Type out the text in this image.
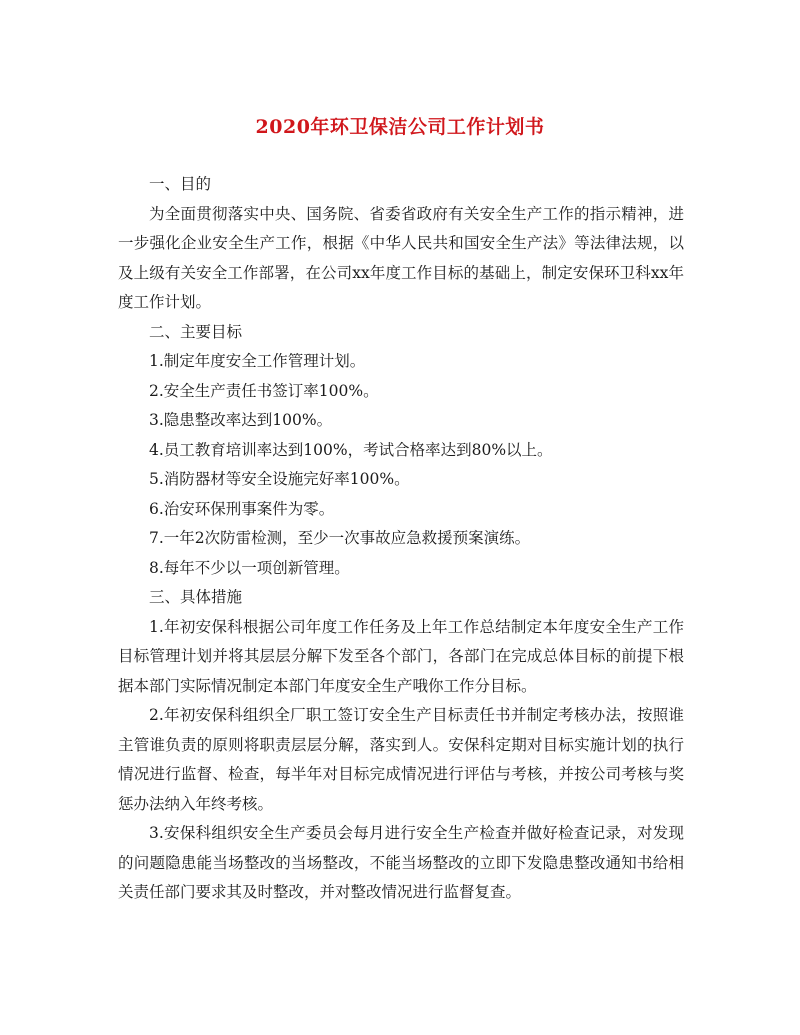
2020年环卫保洁公司工作计划书

一、目的

为全面贯彻落实中央、国务院、省委省政府有关安全生产工作的指示精神，进一步强化企业安全生产工作，根据《中华人民共和国安全生产法》等法律法规，以及上级有关安全工作部署，在公司xx年度工作目标的基础上，制定安保环卫科xx年度工作计划。

二、主要目标

1.制定年度安全工作管理计划。

2.安全生产责任书签订率100%。

3.隐患整改率达到100%。

4.员工教育培训率达到100%，考试合格率达到80%以上。

5.消防器材等安全设施完好率100%。

6.治安环保刑事案件为零。

7.一年2次防雷检测，至少一次事故应急救援预案演练。

8.每年不少以一项创新管理。

三、具体措施

1.年初安保科根据公司年度工作任务及上年工作总结制定本年度安全生产工作目标管理计划并将其层层分解下发至各个部门，各部门在完成总体目标的前提下根据本部门实际情况制定本部门年度安全生产哦你工作分目标。

2.年初安保科组织全厂职工签订安全生产目标责任书并制定考核办法，按照谁主管谁负责的原则将职责层层分解，落实到人。安保科定期对目标实施计划的执行情况进行监督、检查，每半年对目标完成情况进行评估与考核，并按公司考核与奖惩办法纳入年终考核。

3.安保科组织安全生产委员会每月进行安全生产检查并做好检查记录，对发现的问题隐患能当场整改的当场整改，不能当场整改的立即下发隐患整改通知书给相关责任部门要求其及时整改，并对整改情况进行监督复查。
